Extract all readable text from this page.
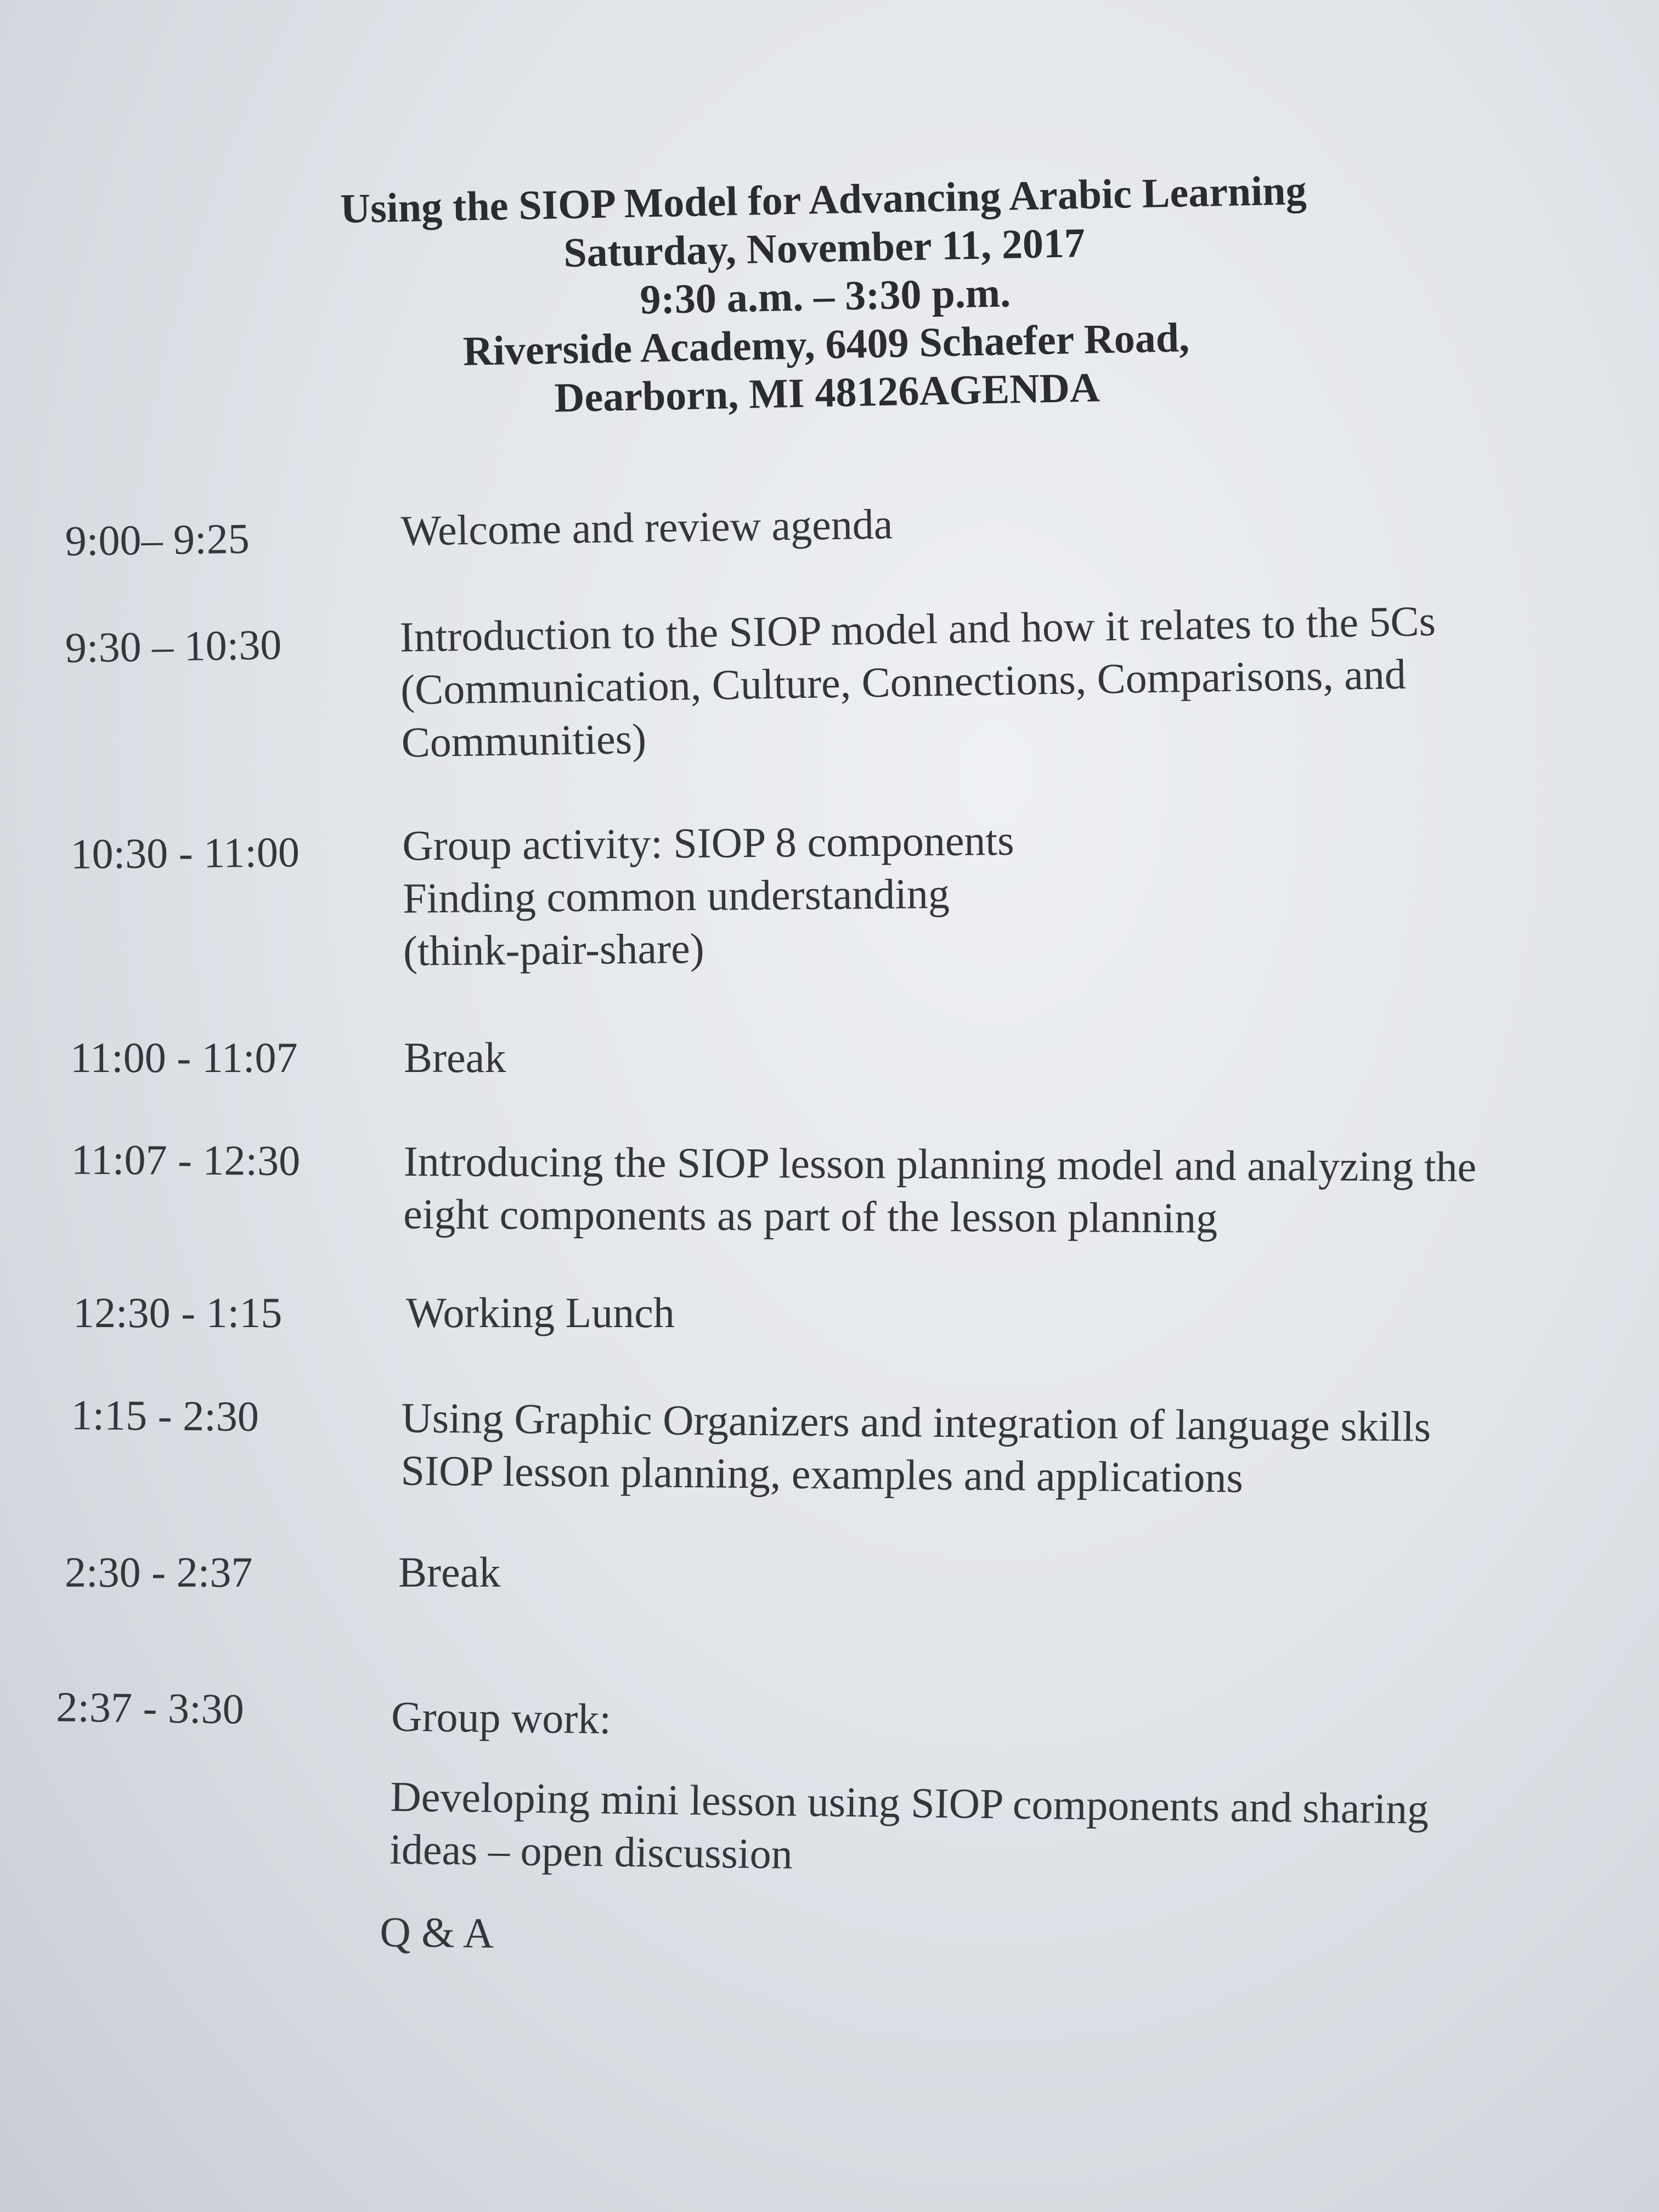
Using the SIOP Model for Advancing Arabic Learning
Saturday, November 11, 2017
9:30 a.m. – 3:30 p.m.
Riverside Academy, 6409 Schaefer Road,
Dearborn, MI 48126AGENDA
9:00– 9:25	Welcome and review agenda
9:30 – 10:30	Introduction to the SIOP model and how it relates to the 5Cs
(Communication, Culture, Connections, Comparisons, and
Communities)
10:30 - 11:00 Group activity: SIOP 8 components
Finding common understanding
(think-pair-share)
11:00 - 11:07 Break
11:07 - 12:30 Introducing the SIOP lesson planning model and analyzing the
eight components as part of the lesson planning
12:30 - 1:15	Working Lunch
1:15 - 2:30	Using Graphic Organizers and integration of language skills
SIOP lesson planning, examples and applications
2:30 - 2:37	Break
2:37 - 3:30	Group work:
Developing mini lesson using SIOP components and sharing
ideas – open discussion
Q & A
